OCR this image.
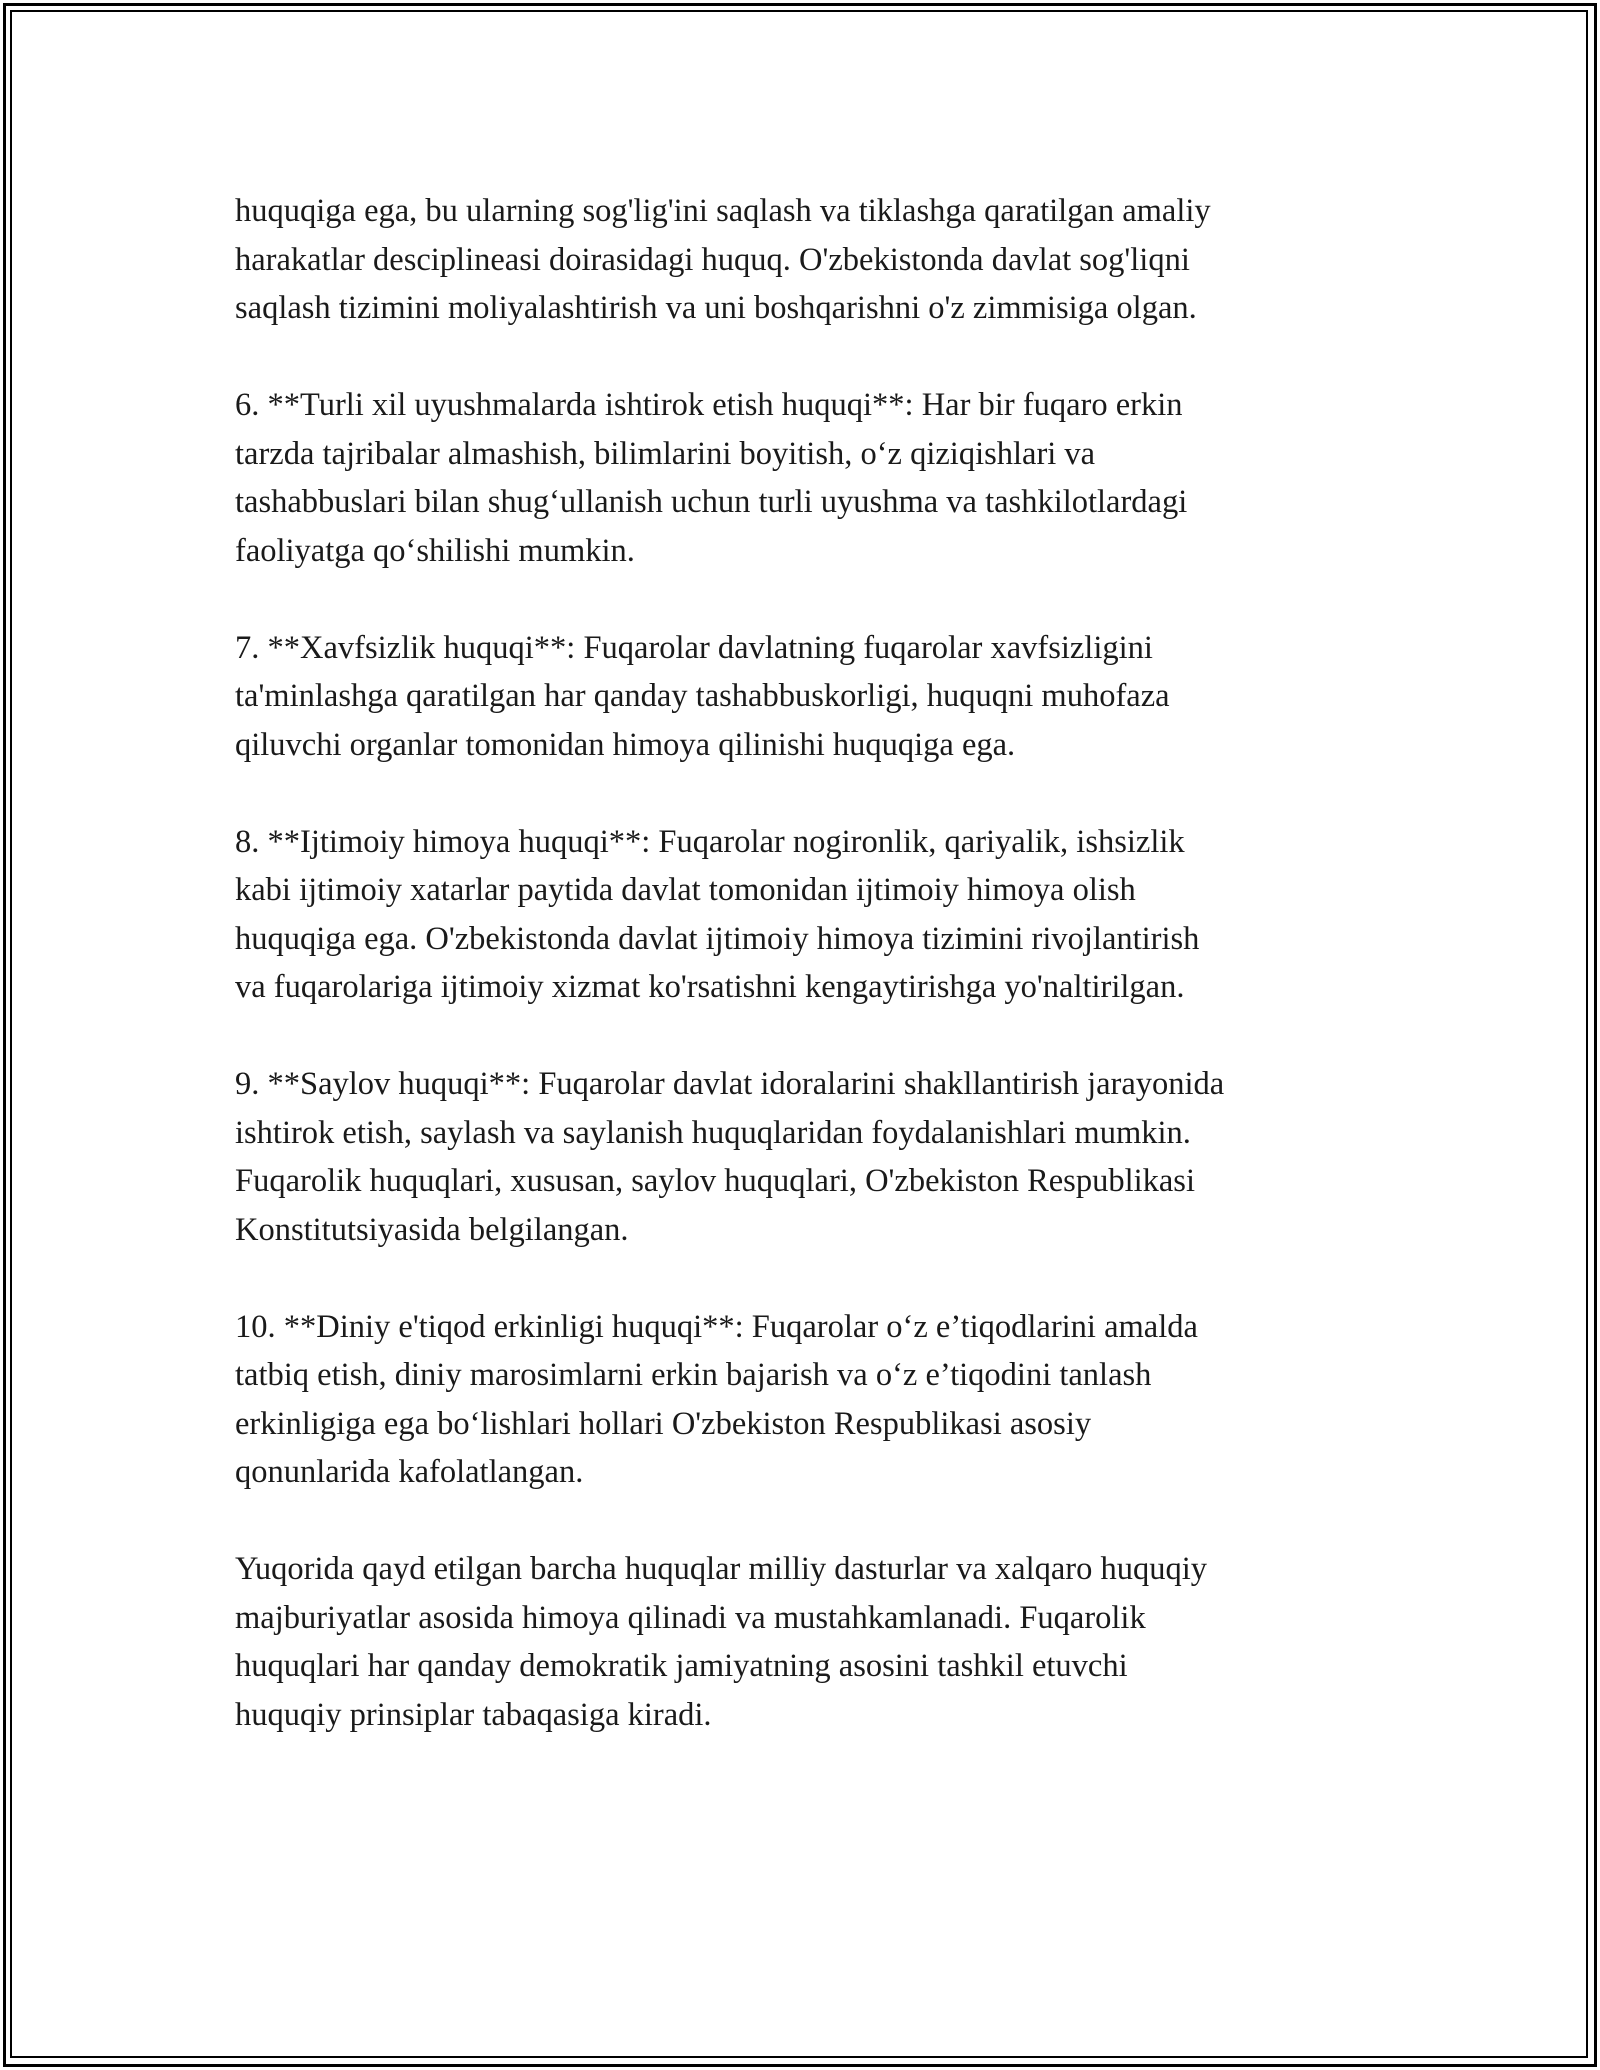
huquqiga ega, bu ularning sog'lig'ini saqlash va tiklashga qaratilgan amaliy
harakatlar desciplineasi doirasidagi huquq. O'zbekistonda davlat sog'liqni
saqlash tizimini moliyalashtirish va uni boshqarishni o'z zimmisiga olgan.

6. **Turli xil uyushmalarda ishtirok etish huquqi**: Har bir fuqaro erkin
tarzda tajribalar almashish, bilimlarini boyitish, o‘z qiziqishlari va
tashabbuslari bilan shug‘ullanish uchun turli uyushma va tashkilotlardagi
faoliyatga qo‘shilishi mumkin.

7. **Xavfsizlik huquqi**: Fuqarolar davlatning fuqarolar xavfsizligini
ta'minlashga qaratilgan har qanday tashabbuskorligi, huquqni muhofaza
qiluvchi organlar tomonidan himoya qilinishi huquqiga ega.

8. **Ijtimoiy himoya huquqi**: Fuqarolar nogironlik, qariyalik, ishsizlik
kabi ijtimoiy xatarlar paytida davlat tomonidan ijtimoiy himoya olish
huquqiga ega. O'zbekistonda davlat ijtimoiy himoya tizimini rivojlantirish
va fuqarolariga ijtimoiy xizmat ko'rsatishni kengaytirishga yo'naltirilgan.

9. **Saylov huquqi**: Fuqarolar davlat idoralarini shakllantirish jarayonida
ishtirok etish, saylash va saylanish huquqlaridan foydalanishlari mumkin.
Fuqarolik huquqlari, xususan, saylov huquqlari, O'zbekiston Respublikasi
Konstitutsiyasida belgilangan.

10. **Diniy e'tiqod erkinligi huquqi**: Fuqarolar o‘z e’tiqodlarini amalda
tatbiq etish, diniy marosimlarni erkin bajarish va o‘z e’tiqodini tanlash
erkinligiga ega bo‘lishlari hollari O'zbekiston Respublikasi asosiy
qonunlarida kafolatlangan.

Yuqorida qayd etilgan barcha huquqlar milliy dasturlar va xalqaro huquqiy
majburiyatlar asosida himoya qilinadi va mustahkamlanadi. Fuqarolik
huquqlari har qanday demokratik jamiyatning asosini tashkil etuvchi
huquqiy prinsiplar tabaqasiga kiradi.
